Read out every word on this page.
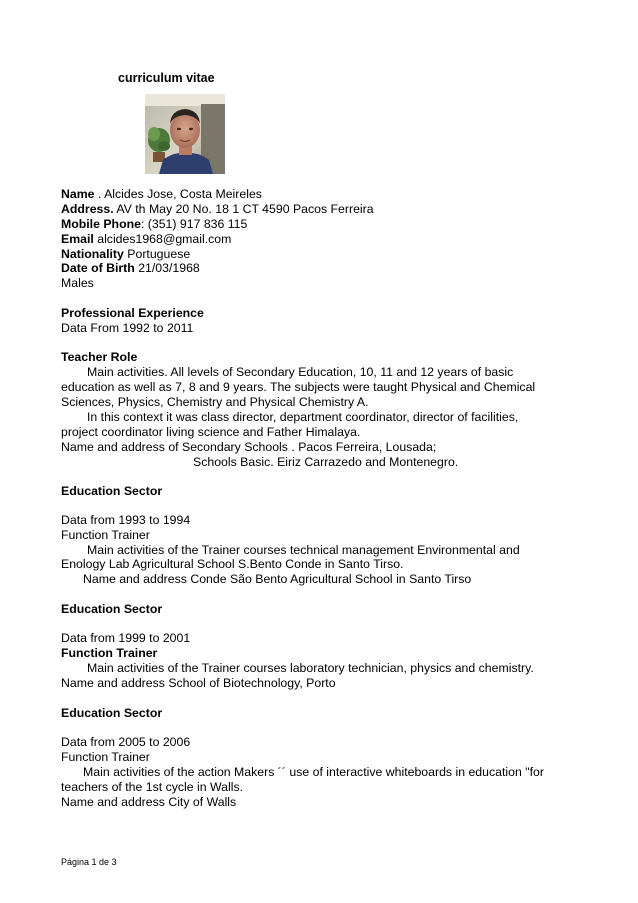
curriculum vitae

Name . Alcides Jose, Costa Meireles

Address. AV th May 20 No. 18 1 CT 4590 Pacos Ferreira

Mobile Phone: (351) 917 836 115

Email alcides1968@gmail.com

Nationality Portuguese

Date of Birth 21/03/1968

Males

Professional Experience

Data From 1992 to 2011

Teacher Role

Main activities. All levels of Secondary Education, 10, 11 and 12 years of basic

education as well as 7, 8 and 9 years. The subjects were taught Physical and Chemical

Sciences, Physics, Chemistry and Physical Chemistry A.

In this context it was class director, department coordinator, director of facilities,

project coordinator living science and Father Himalaya.

Name and address of Secondary Schools . Pacos Ferreira, Lousada;

Schools Basic. Eiriz Carrazedo and Montenegro.

Education Sector

Data from 1993 to 1994

Function Trainer

Main activities of the Trainer courses technical management Environmental and

Enology Lab Agricultural School S.Bento Conde in Santo Tirso.

Name and address Conde São Bento Agricultural School in Santo Tirso

Education Sector

Data from 1999 to 2001

Function Trainer

Main activities of the Trainer courses laboratory technician, physics and chemistry.

Name and address School of Biotechnology, Porto

Education Sector

Data from 2005 to 2006

Function Trainer

Main activities of the action Makers ´´ use of interactive whiteboards in education "for

teachers of the 1st cycle in Walls.

Name and address City of Walls

Página 1 de 3
